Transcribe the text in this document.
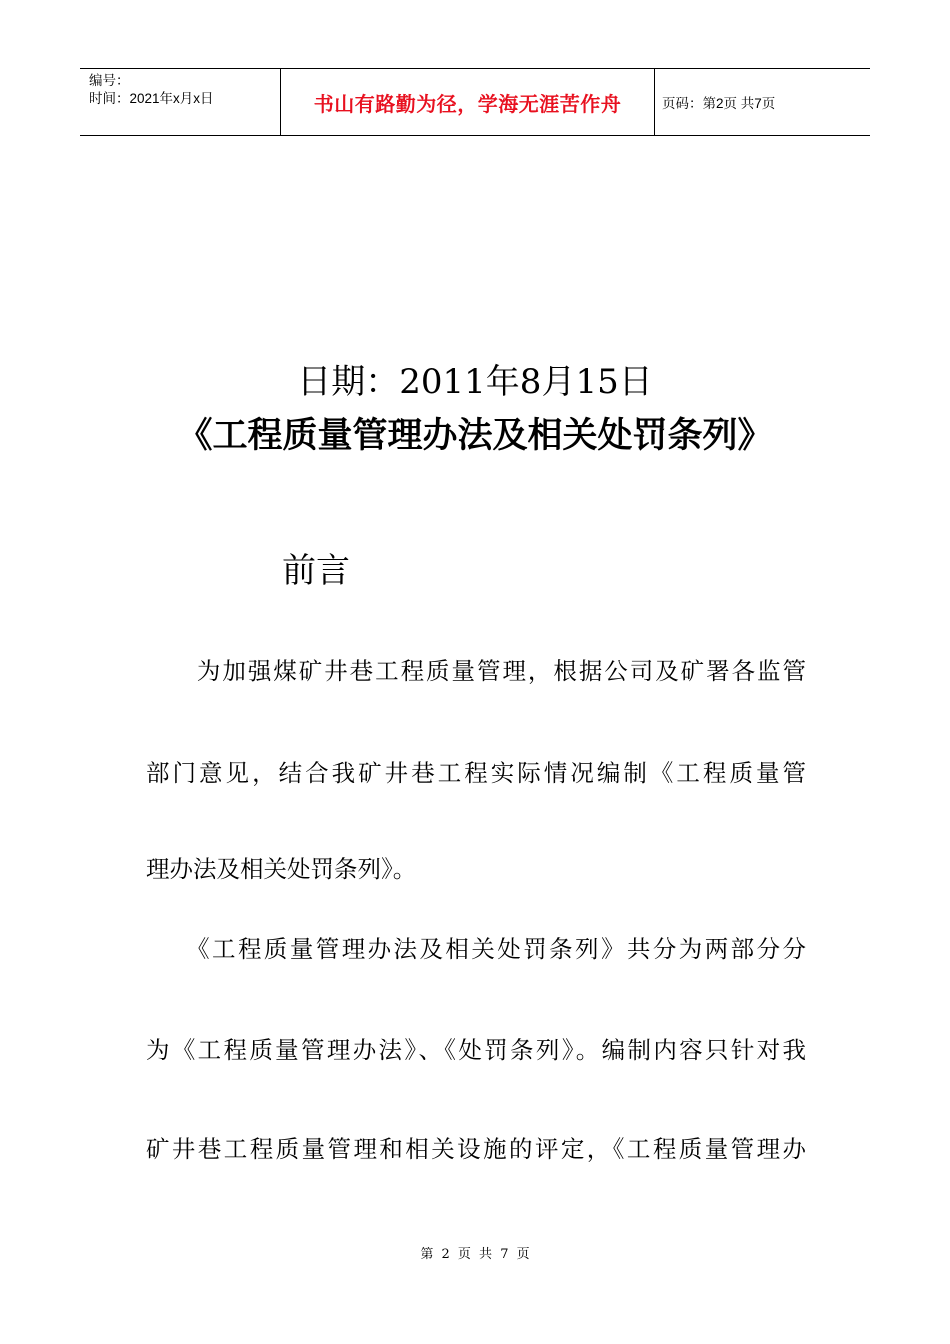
编号：
时间：2021年x月x日	书山有路勤为径，学海无涯苦作舟	页码：第2页 共7页
日期：2011年8月15日
《工程质量管理办法及相关处罚条列》
前言
　　为加强煤矿井巷工程质量管理，根据公司及矿署各监管
部门意见，结合我矿井巷工程实际情况编制《工程质量管
理办法及相关处罚条列》。
　　《工程质量管理办法及相关处罚条列》共分为两部分分
为《工程质量管理办法》、《处罚条列》。编制内容只针对我
矿井巷工程质量管理和相关设施的评定，《工程质量管理办
第 2 页 共 7 页
